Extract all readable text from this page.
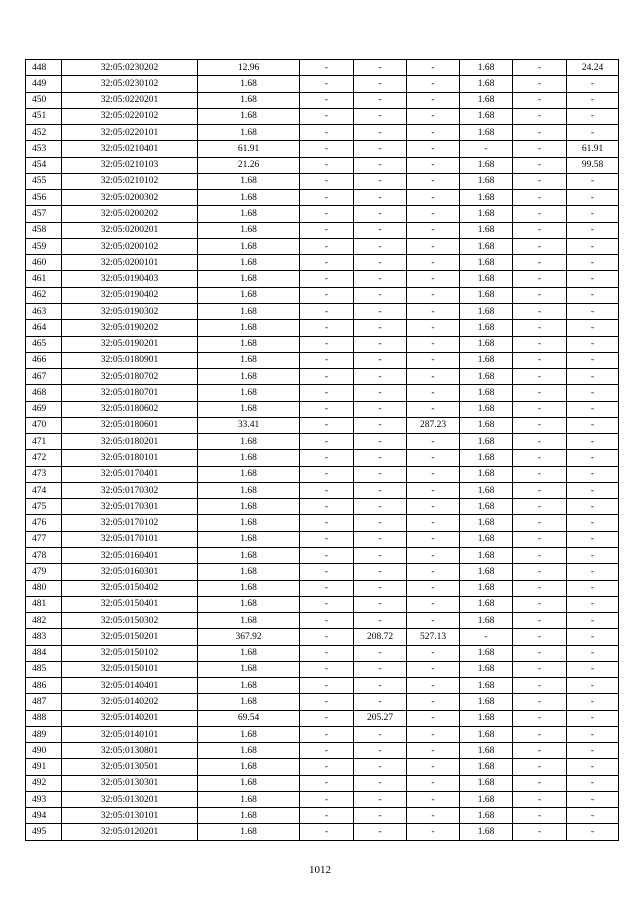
448	32:05:0230202	12.96	-	-	-	1.68	-	24.24
449	32:05:0230102	1.68	-	-	-	1.68	-	-
450	32:05:0220201	1.68	-	-	-	1.68	-	-
451	32:05:0220102	1.68	-	-	-	1.68	-	-
452	32:05:0220101	1.68	-	-	-	1.68	-	-
453	32:05:0210401	61.91	-	-	-	-	-	61.91
454	32:05:0210103	21.26	-	-	-	1.68	-	99.58
455	32:05:0210102	1.68	-	-	-	1.68	-	-
456	32:05:0200302	1.68	-	-	-	1.68	-	-
457	32:05:0200202	1.68	-	-	-	1.68	-	-
458	32:05:0200201	1.68	-	-	-	1.68	-	-
459	32:05:0200102	1.68	-	-	-	1.68	-	-
460	32:05:0200101	1.68	-	-	-	1.68	-	-
461	32:05:0190403	1.68	-	-	-	1.68	-	-
462	32:05:0190402	1.68	-	-	-	1.68	-	-
463	32:05:0190302	1.68	-	-	-	1.68	-	-
464	32:05:0190202	1.68	-	-	-	1.68	-	-
465	32:05:0190201	1.68	-	-	-	1.68	-	-
466	32:05:0180901	1.68	-	-	-	1.68	-	-
467	32:05:0180702	1.68	-	-	-	1.68	-	-
468	32:05:0180701	1.68	-	-	-	1.68	-	-
469	32:05:0180602	1.68	-	-	-	1.68	-	-
470	32:05:0180601	33.41	-	-	287.23	1.68	-	-
471	32:05:0180201	1.68	-	-	-	1.68	-	-
472	32:05:0180101	1.68	-	-	-	1.68	-	-
473	32:05:0170401	1.68	-	-	-	1.68	-	-
474	32:05:0170302	1.68	-	-	-	1.68	-	-
475	32:05:0170301	1.68	-	-	-	1.68	-	-
476	32:05:0170102	1.68	-	-	-	1.68	-	-
477	32:05:0170101	1.68	-	-	-	1.68	-	-
478	32:05:0160401	1.68	-	-	-	1.68	-	-
479	32:05:0160301	1.68	-	-	-	1.68	-	-
480	32:05:0150402	1.68	-	-	-	1.68	-	-
481	32:05:0150401	1.68	-	-	-	1.68	-	-
482	32:05:0150302	1.68	-	-	-	1.68	-	-
483	32:05:0150201	367.92	-	208.72	527.13	-	-	-
484	32:05:0150102	1.68	-	-	-	1.68	-	-
485	32:05:0150101	1.68	-	-	-	1.68	-	-
486	32:05:0140401	1.68	-	-	-	1.68	-	-
487	32:05:0140202	1.68	-	-	-	1.68	-	-
488	32:05:0140201	69.54	-	205.27	-	1.68	-	-
489	32:05:0140101	1.68	-	-	-	1.68	-	-
490	32:05:0130801	1.68	-	-	-	1.68	-	-
491	32:05:0130501	1.68	-	-	-	1.68	-	-
492	32:05:0130301	1.68	-	-	-	1.68	-	-
493	32:05:0130201	1.68	-	-	-	1.68	-	-
494	32:05:0130101	1.68	-	-	-	1.68	-	-
495	32:05:0120201	1.68	-	-	-	1.68	-	-
1012
